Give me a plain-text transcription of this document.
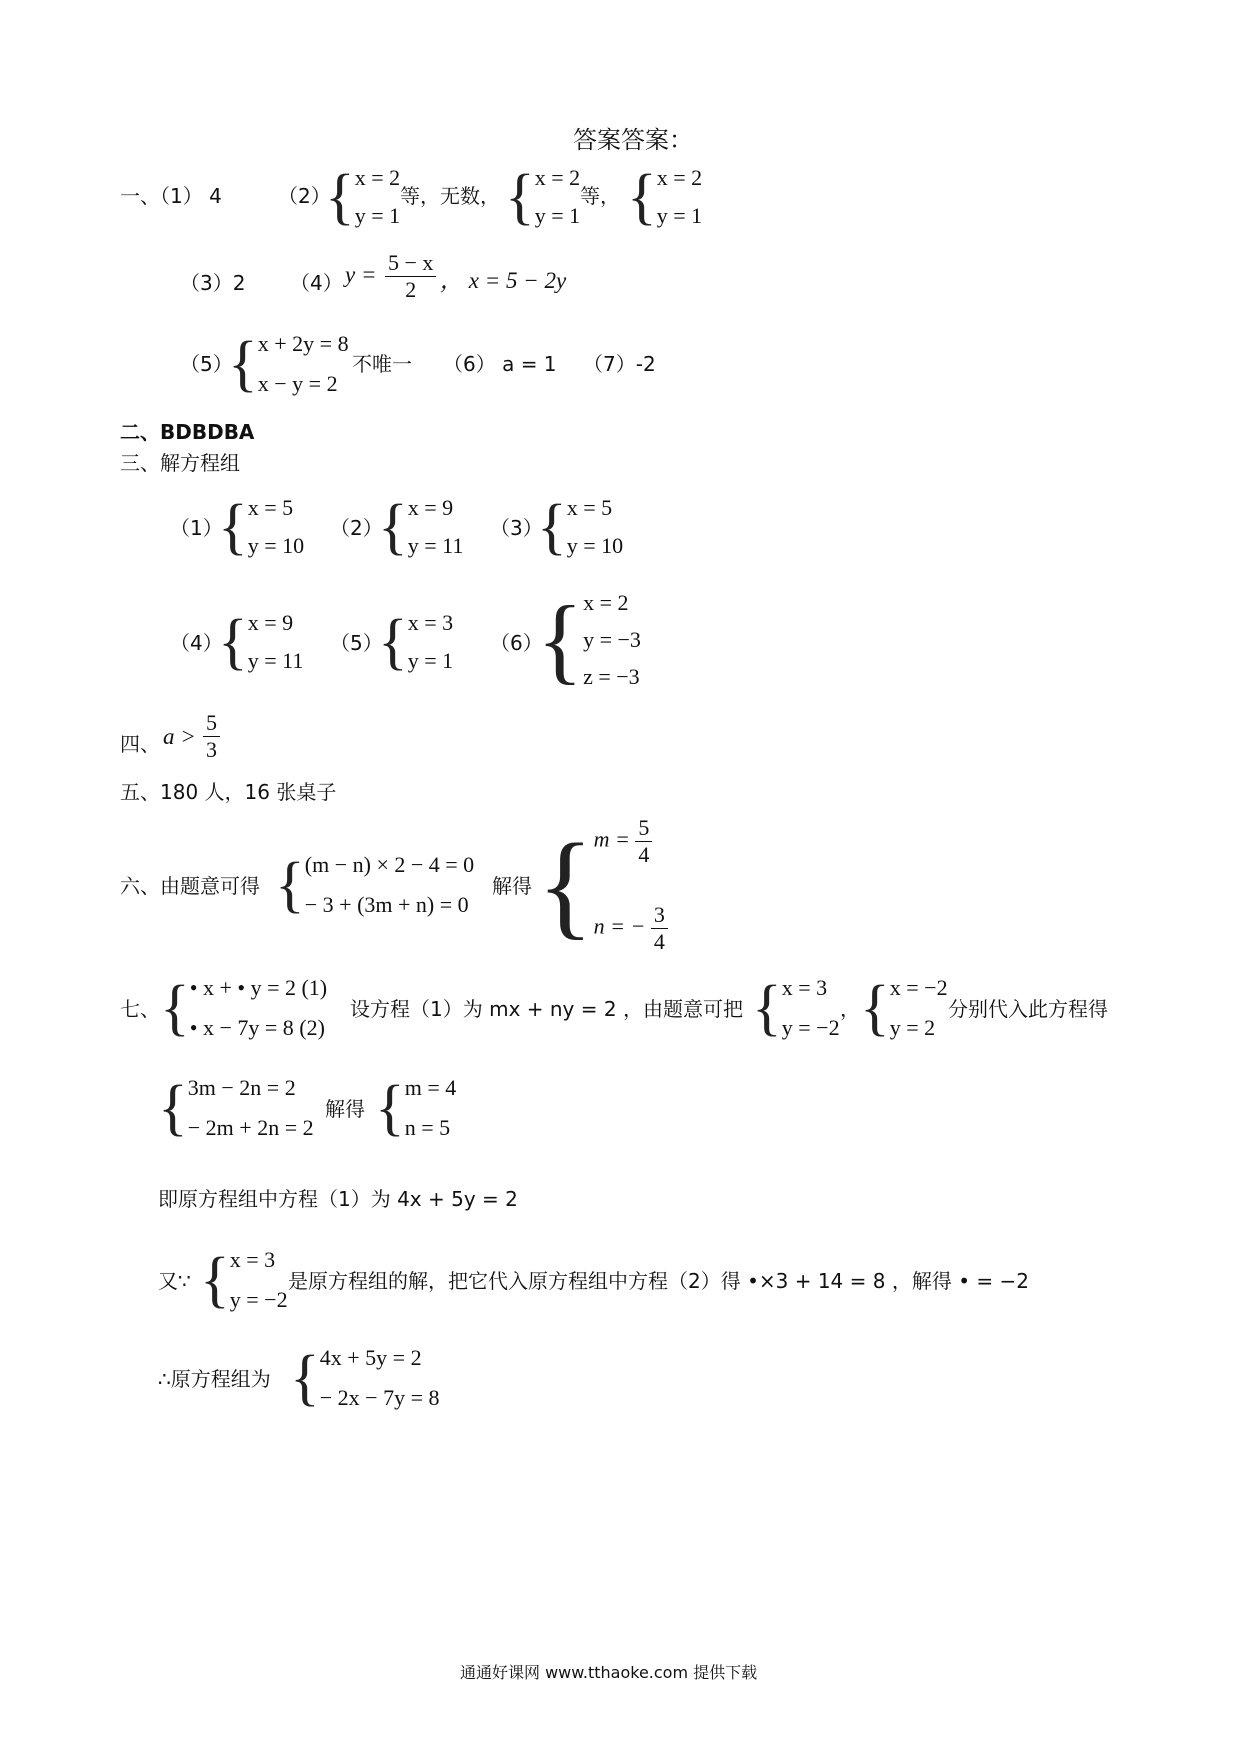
答案答案：
一、（1） 4	（2）
{ x = 2
y = 1
等，无数， { x = 2
y = 1
等， { x = 2
y = 1
（3）2 （4） $y = \frac{5 - x}{2}$ ， x = 5 − 2y
（5）
{ x + 2y = 8
x − y = 2
不唯一 （6） a = 1 （7）-2
二、BDBDBA
三、解方程组
（1）
{ x = 5
y = 10
（2）
{ x = 9
y = 11
（3）
{ x = 5
y = 10
（4）
{ x = 9
y = 11
（5）
{ x = 3
y = 1
（6）
{ x = 2
y = −3
z = −3
四、 $a > \frac{5}{3}$
五、180 人，16 张桌子
六、由题意可得 { (m − n) × 2 − 4 = 0
− 3 + (3m + n) = 0
解得 { $m = \frac{5}{4}$
n = − $\frac{3}{4}$
七、 { • x + • y = 2 (1)
• x − 7y = 8 (2)
设方程（1）为 mx + ny = 2 ，由题意可把 { x = 3
y = −2
， { x = −2
y = 2
分别代入此方程得
{ 3m − 2n = 2
− 2m + 2n = 2
解得 { m = 4
n = 5
即原方程组中方程（1）为 4x + 5y = 2
又∵ { x = 3
y = −2
是原方程组的解，把它代入原方程组中方程（2）得 •×3 + 14 = 8 ，解得 • = −2
∴原方程组为 { 4x + 5y = 2
− 2x − 7y = 8
通通好课网 www.tthaoke.com 提供下载
